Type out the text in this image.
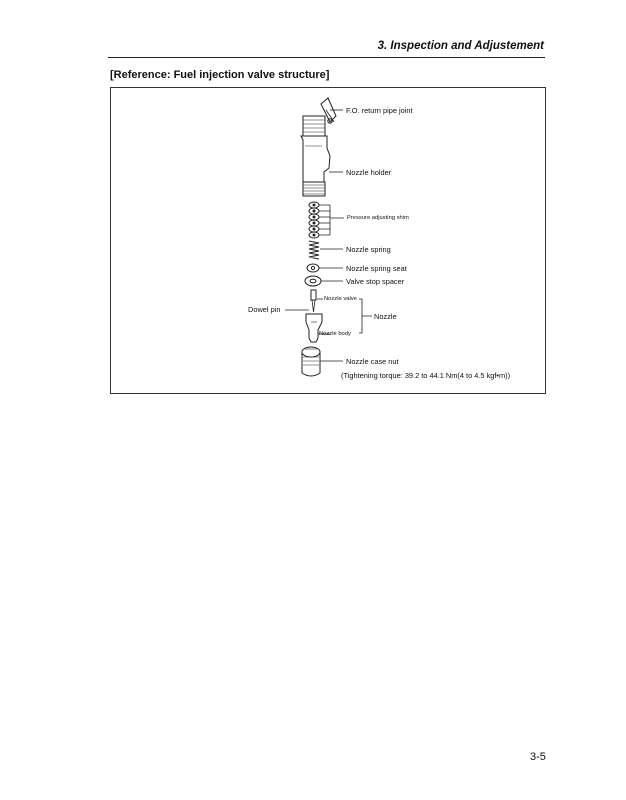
3. Inspection and Adjustement
[Reference: Fuel injection valve structure]
F.O. return pipe joint
Nozzle holder
Pressure adjusting shim
Nozzle spring
Nozzle spring seat
Valve stop spacer
Nozzle valve
Dowel pin
Nozzle
Nozzle body
Nozzle case nut
(Tightening torque: 39.2 to 44.1 Nm(4 to 4.5 kgf•m))
3-5
